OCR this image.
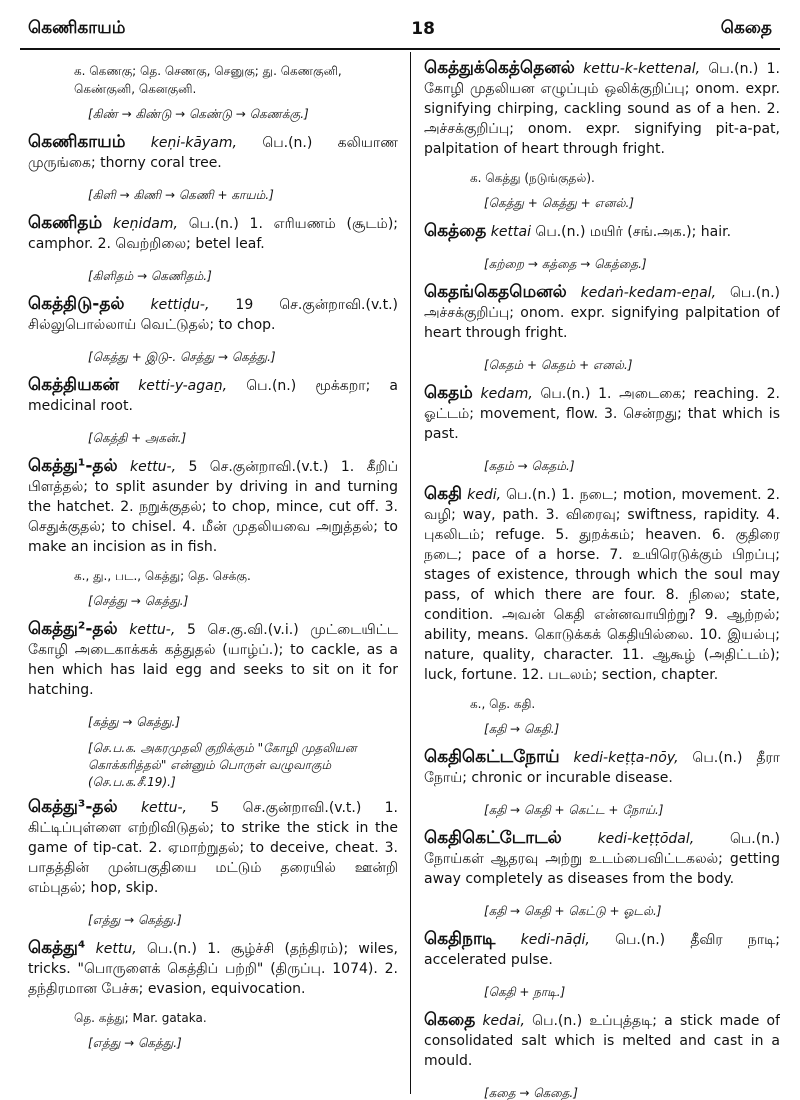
கெணிகாயம்	18	கெதை
க. கெணகு; தெ. செணகு, செனுகு; து. கெணகுனி, கெண்குனி, கெனகுனி.
[கிண் → கிண்டு → கெண்டு → கெணக்கு.]
கெணிகாயம் keṇi-kāyam, பெ.(n.) கலியாண முருங்கை; thorny coral tree.
[கிளி → கிணி → கெணி + காயம்.]
கெணிதம் keṇidam, பெ.(n.) 1. எரியணம் (சூடம்); camphor. 2. வெற்றிலை; betel leaf.
[கிளிதம் → கெணிதம்.]
கெத்திடு-தல் kettiḍu-, 19 செ.குன்றாவி.(v.t.) சில்லுபொல்லாய் வெட்டுதல்; to chop.
[கெத்து + இடு-. செத்து → கெத்து.]
கெத்தியகன் ketti-y-agaṉ, பெ.(n.) மூக்கறா; a medicinal root.
[கெத்தி + அகன்.]
கெத்து¹-தல் kettu-, 5 செ.குன்றாவி.(v.t.) 1. கீறிப் பிளத்தல்; to split asunder by driving in and turning the hatchet. 2. நறுக்குதல்; to chop, mince, cut off. 3. செதுக்குதல்; to chisel. 4. மீன் முதலியவை அறுத்தல்; to make an incision as in fish.
க., து., பட., கெத்து; தெ. செக்கு.
[செத்து → கெத்து.]
கெத்து²-தல் kettu-, 5 செ.கு.வி.(v.i.) முட்டையிட்ட கோழி அடைகாக்கக் கத்துதல் (யாழ்ப்.); to cackle, as a hen which has laid egg and seeks to sit on it for hatching.
[கத்து → கெத்து.]
[செ.ப.க. அகரமுதலி குறிக்கும் "கோழி முதலியன கொக்கரித்தல்" என்னும் பொருள் வழுவாகும் (செ.ப.க.சீ.19).]
கெத்து³-தல் kettu-, 5 செ.குன்றாவி.(v.t.) 1. கிட்டிப்புள்ளை எற்றிவிடுதல்; to strike the stick in the game of tip-cat. 2. ஏமாற்றுதல்; to deceive, cheat. 3. பாதத்தின் முன்பகுதியை மட்டும் தரையில் ஊன்றி எம்புதல்; hop, skip.
[எத்து → கெத்து.]
கெத்து⁴ kettu, பெ.(n.) 1. சூழ்ச்சி (தந்திரம்); wiles, tricks. "பொருளைக் கெத்திப் பற்றி" (திருப்பு. 1074). 2. தந்திரமான பேச்சு; evasion, equivocation.
தெ. கத்து; Mar. gataka.
[எத்து → கெத்து.]
கெத்துக்கெத்தெனல் kettu-k-kettenal, பெ.(n.) 1. கோழி முதலியன எழுப்பும் ஒலிக்குறிப்பு; onom. expr. signifying chirping, cackling sound as of a hen. 2. அச்சக்குறிப்பு; onom. expr. signifying pit-a-pat, palpitation of heart through fright.
க. கெத்து (நடுங்குதல்).
[கெத்து + கெத்து + எனல்.]
கெத்தை kettai பெ.(n.) மயிர் (சங்.அக.); hair.
[கற்றை → கத்தை → கெத்தை.]
கெதங்கெதமெனல் kedaṅ-kedam-eṉal, பெ.(n.) அச்சக்குறிப்பு; onom. expr. signifying palpitation of heart through fright.
[கெதம் + கெதம் + எனல்.]
கெதம் kedam, பெ.(n.) 1. அடைகை; reaching. 2. ஓட்டம்; movement, flow. 3. சென்றது; that which is past.
[கதம் → கெதம்.]
கெதி kedi, பெ.(n.) 1. நடை; motion, movement. 2. வழி; way, path. 3. விரைவு; swiftness, rapidity. 4. புகலிடம்; refuge. 5. துறக்கம்; heaven. 6. குதிரை நடை; pace of a horse. 7. உயிரெடுக்கும் பிறப்பு; stages of existence, through which the soul may pass, of which there are four. 8. நிலை; state, condition. அவன் கெதி என்னவாயிற்று? 9. ஆற்றல்; ability, means. கொடுக்கக் கெதியில்லை. 10. இயல்பு; nature, quality, character. 11. ஆகூழ் (அதிட்டம்); luck, fortune. 12. படலம்; section, chapter.
க., தெ. கதி.
[கதி → கெதி.]
கெதிகெட்டநோய் kedi-keṭṭa-nōy, பெ.(n.) தீரா நோய்; chronic or incurable disease.
[கதி → கெதி + கெட்ட + நோய்.]
கெதிகெட்டோடல்	kedi-keṭṭōdal,	பெ.(n.) நோய்கள் ஆதரவு அற்று உடம்பைவிட்டகலல்; getting away completely as diseases from the body.
[கதி → கெதி + கெட்டு + ஓடல்.]
கெதிநாடி kedi-nāḍi, பெ.(n.) தீவிர நாடி; accelerated pulse.
[கெதி + நாடி.]
கெதை kedai, பெ.(n.) உப்புத்தடி; a stick made of consolidated salt which is melted and cast in a mould.
[கதை → கெதை.]
